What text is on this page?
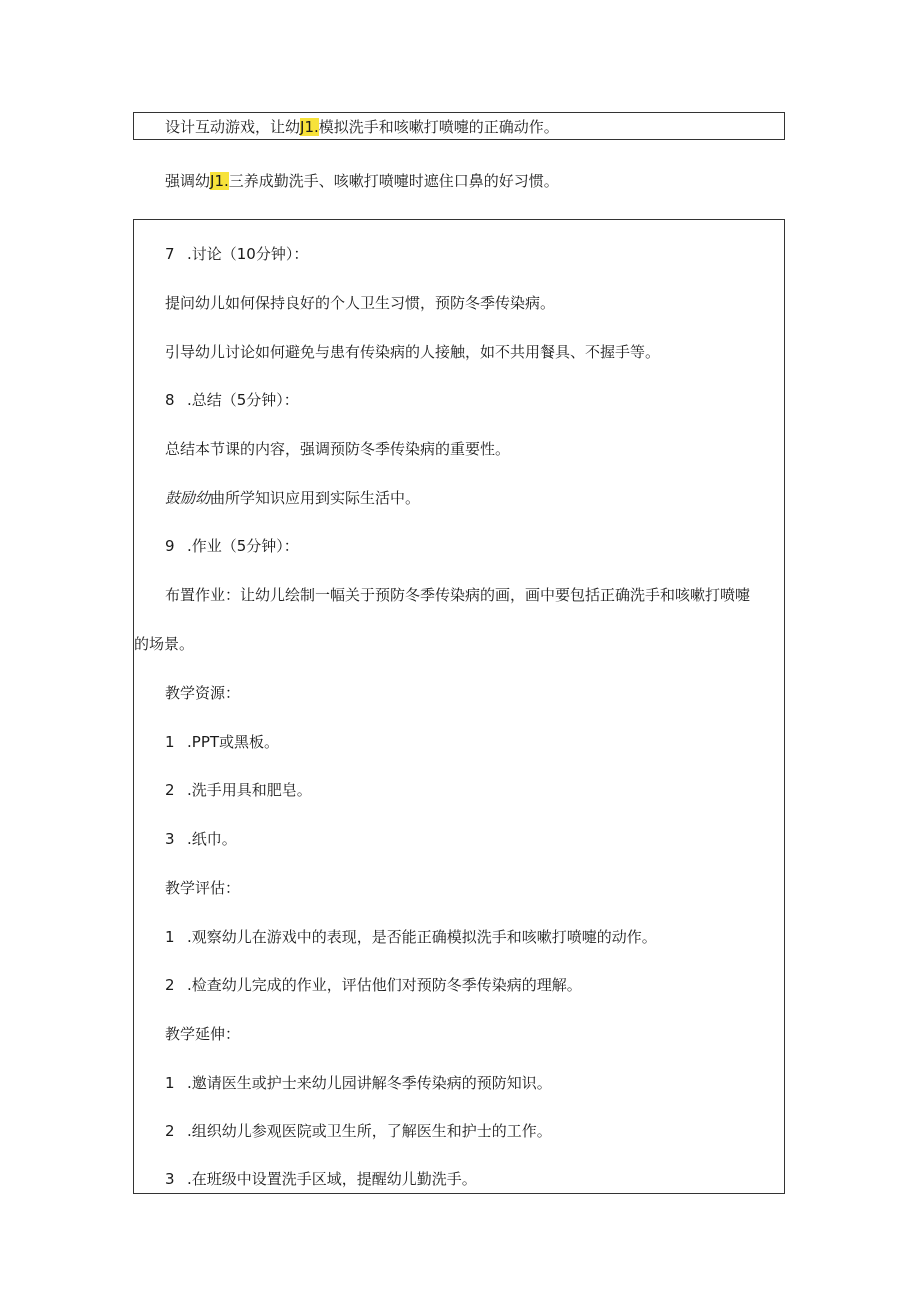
设计互动游戏，让幼J1.模拟洗手和咳嗽打喷嚏的正确动作。
强调幼J1.三养成勤洗手、咳嗽打喷嚏时遮住口鼻的好习惯。
7 .讨论（10分钟）：
提问幼儿如何保持良好的个人卫生习惯，预防冬季传染病。
引导幼儿讨论如何避免与患有传染病的人接触，如不共用餐具、不握手等。
8 .总结（5分钟）：
总结本节课的内容，强调预防冬季传染病的重要性。
鼓励幼曲所学知识应用到实际生活中。
9 .作业（5分钟）：
布置作业：让幼儿绘制一幅关于预防冬季传染病的画，画中要包括正确洗手和咳嗽打喷嚏
的场景。
教学资源：
1 .PPT或黑板。
2 .洗手用具和肥皂。
3 .纸巾。
教学评估：
1 .观察幼儿在游戏中的表现，是否能正确模拟洗手和咳嗽打喷嚏的动作。
2 .检查幼儿完成的作业，评估他们对预防冬季传染病的理解。
教学延伸：
1 .邀请医生或护士来幼儿园讲解冬季传染病的预防知识。
2 .组织幼儿参观医院或卫生所，了解医生和护士的工作。
3 .在班级中设置洗手区域，提醒幼儿勤洗手。
